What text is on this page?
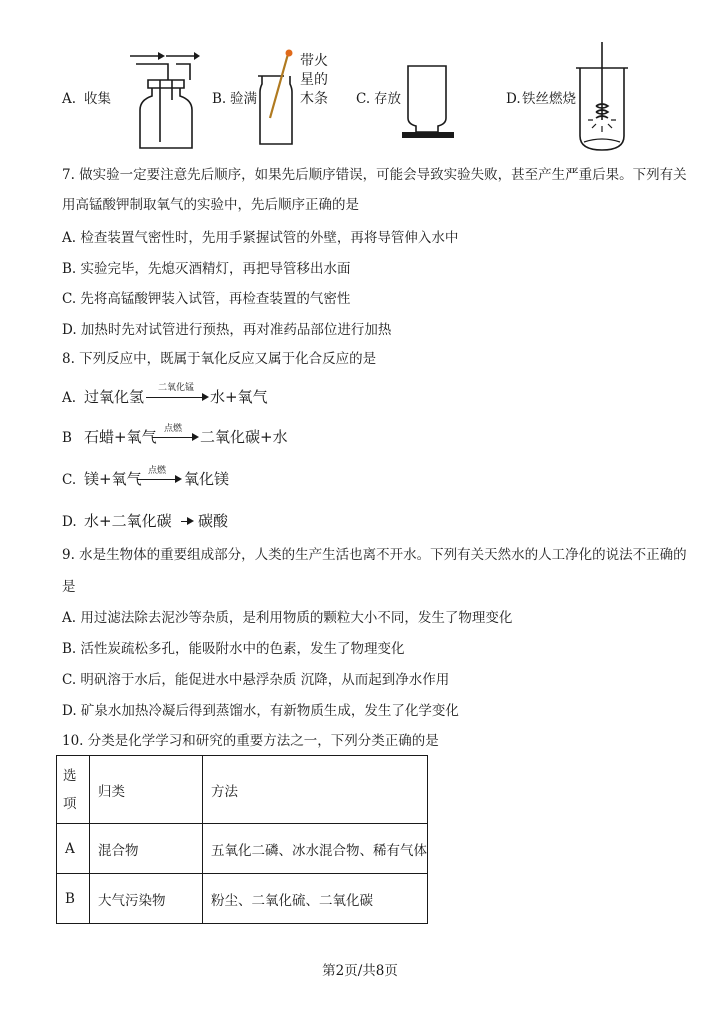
A. 收集	B. 验满
带火
星的
木条	C. 存放	D. 铁丝燃烧
7. 做实验一定要注意先后顺序，如果先后顺序错误，可能会导致实验失败，甚至产生严重后果。下列有关
用高锰酸钾制取氧气的实验中，先后顺序正确的是
A. 检查装置气密性时，先用手紧握试管的外壁，再将导管伸入水中
B. 实验完毕，先熄灭酒精灯，再把导管移出水面
C. 先将高锰酸钾装入试管，再检查装置的气密性
D. 加热时先对试管进行预热，再对准药品部位进行加热
8. 下列反应中，既属于氧化反应又属于化合反应的是
A. 过氧化氢 二氧化锰 水+氧气
B 石蜡+氧气 点燃 二氧化碳+水
C. 镁+氧气 点燃 氧化镁
D. 水+二氧化碳 碳酸
9. 水是生物体的重要组成部分，人类的生产生活也离不开水。下列有关天然水的人工净化的说法不正确的
是
A. 用过滤法除去泥沙等杂质，是利用物质的颗粒大小不同，发生了物理变化
B. 活性炭疏松多孔，能吸附水中的色素，发生了物理变化
C. 明矾溶于水后，能促进水中悬浮杂质 沉降，从而起到净水作用
D. 矿泉水加热冷凝后得到蒸馏水，有新物质生成，发生了化学变化
10. 分类是化学学习和研究的重要方法之一，下列分类正确的是
选项	归类	方法
A	混合物	五氧化二磷、冰水混合物、稀有气体
B	大气污染物	粉尘、二氧化硫、二氧化碳
第2页/共8页
